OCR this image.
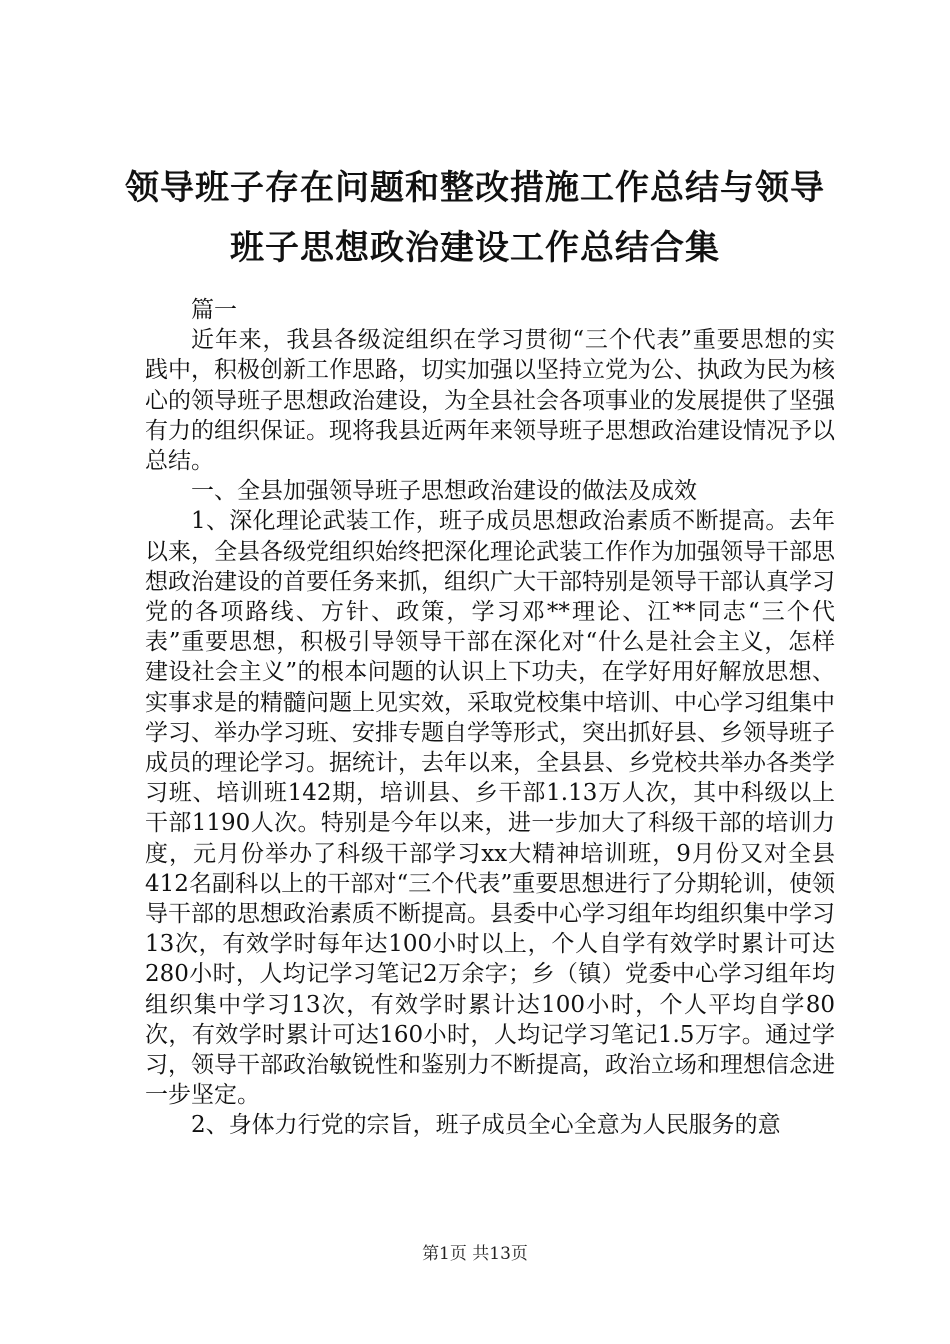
领导班子存在问题和整改措施工作总结与领导
班子思想政治建设工作总结合集

篇一

近年来，我县各级淀组织在学习贯彻“三个代表”重要思想的实践中，积极创新工作思路，切实加强以坚持立党为公、执政为民为核心的领导班子思想政治建设，为全县社会各项事业的发展提供了坚强有力的组织保证。现将我县近两年来领导班子思想政治建设情况予以总结。

一、全县加强领导班子思想政治建设的做法及成效

1、深化理论武装工作，班子成员思想政治素质不断提高。去年以来，全县各级党组织始终把深化理论武装工作作为加强领导干部思想政治建设的首要任务来抓，组织广大干部特别是领导干部认真学习党的各项路线、方针、政策，学习邓**理论、江**同志“三个代表”重要思想，积极引导领导干部在深化对“什么是社会主义，怎样建设社会主义”的根本问题的认识上下功夫，在学好用好解放思想、实事求是的精髓问题上见实效，采取党校集中培训、中心学习组集中学习、举办学习班、安排专题自学等形式，突出抓好县、乡领导班子成员的理论学习。据统计，去年以来，全县县、乡党校共举办各类学习班、培训班142期，培训县、乡干部1.13万人次，其中科级以上干部1190人次。特别是今年以来，进一步加大了科级干部的培训力度，元月份举办了科级干部学习xx大精神培训班，9月份又对全县412名副科以上的干部对“三个代表”重要思想进行了分期轮训，使领导干部的思想政治素质不断提高。县委中心学习组年均组织集中学习13次，有效学时每年达100小时以上，个人自学有效学时累计可达280小时，人均记学习笔记2万余字；乡（镇）党委中心学习组年均组织集中学习13次，有效学时累计达100小时，个人平均自学80次，有效学时累计可达160小时，人均记学习笔记1.5万字。通过学习，领导干部政治敏锐性和鉴别力不断提高，政治立场和理想信念进一步坚定。

2、身体力行党的宗旨，班子成员全心全意为人民服务的意

第1页 共13页
